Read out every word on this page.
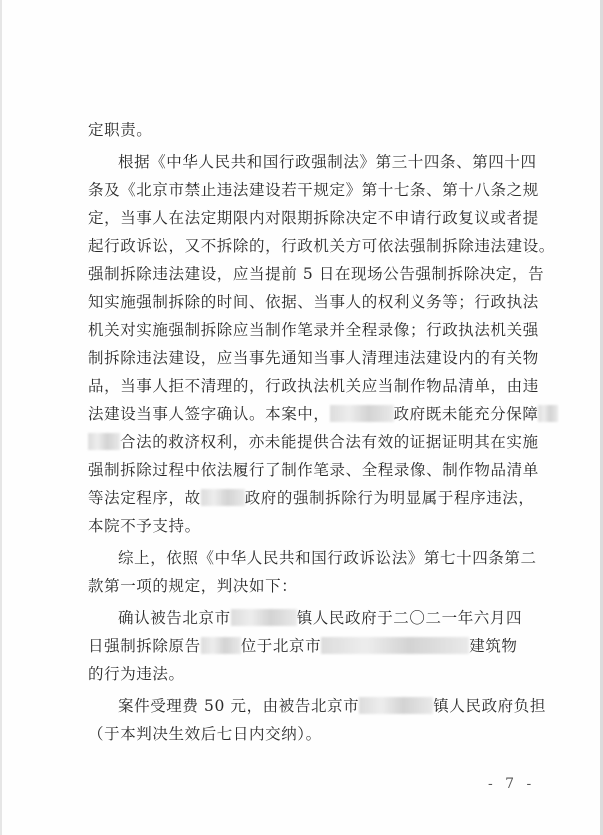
定职责。
根据《中华人民共和国行政强制法》第三十四条、第四十四
条及《北京市禁止违法建设若干规定》第十七条、第十八条之规
定，当事人在法定期限内对限期拆除决定不申请行政复议或者提
起行政诉讼，又不拆除的，行政机关方可依法强制拆除违法建设。
强制拆除违法建设，应当提前 5 日在现场公告强制拆除决定，告
知实施强制拆除的时间、依据、当事人的权利义务等；行政执法
机关对实施强制拆除应当制作笔录并全程录像；行政执法机关强
制拆除违法建设，应当事先通知当事人清理违法建设内的有关物
品，当事人拒不清理的，行政执法机关应当制作物品清单，由违
法建设当事人签字确认。本案中，	政府既未能充分保障
合法的救济权利，亦未能提供合法有效的证据证明其在实施
强制拆除过程中依法履行了制作笔录、全程录像、制作物品清单
等法定程序，故	政府的强制拆除行为明显属于程序违法，
本院不予支持。
综上，依照《中华人民共和国行政诉讼法》第七十四条第二
款第一项的规定，判决如下：
确认被告北京市	镇人民政府于二〇二一年六月四
日强制拆除原告	位于北京市	建筑物
的行为违法。
案件受理费 50 元，由被告北京市	镇人民政府负担
（于本判决生效后七日内交纳）。
- 7 -
